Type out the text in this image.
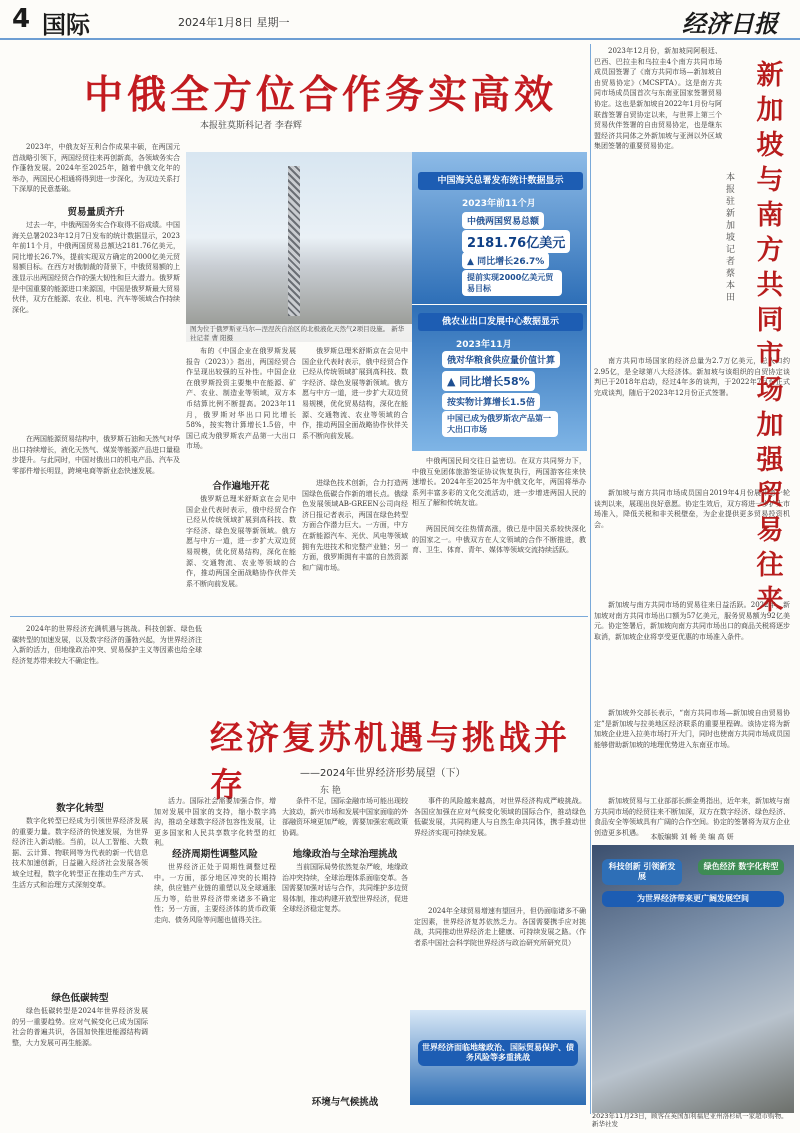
4 国际	2024年1月8日 星期一	经济日报
中俄全方位合作务实高效
本报驻莫斯科记者 李春辉
2023年，中俄友好互利合作成果丰硕，在两国元首战略引领下，两国经贸往来再创新高，各领域务实合作蓬勃发展。2024年至2025年，随着中俄文化年的举办，两国民心相通将得到进一步深化，为双边关系打下深厚的民意基础。
贸易量质齐升
过去一年，中俄两国务实合作取得不俗成绩。中国海关总署2023年12月7日发布的统计数据显示，2023年前11个月，中俄两国贸易总额达2181.76亿美元，同比增长26.7%，提前实现双方确定的2000亿美元贸易额目标。在西方对俄制裁的背景下，中俄贸易额的上涨显示出两国经贸合作的强大韧性和巨大潜力。俄罗斯是中国重要的能源进口来源国，中国是俄罗斯最大贸易伙伴，双方在能源、农业、机电、汽车等领域合作持续深化。
在两国能源贸易结构中，俄罗斯石油和天然气对华出口持续增长，液化天然气、煤炭等能源产品进口量稳步提升。与此同时，中国对俄出口的机电产品、汽车及零部件增长明显，跨境电商等新业态快速发展。
图为位于俄罗斯亚马尔—涅涅茨自治区的北极液化天然气2项目设施。 新华社记者 曹 阳摄
中国海关总署发布统计数据显示
2023年前11个月
中俄两国贸易总额
2181.76亿美元
▲ 同比增长26.7%
提前实现2000亿美元贸易目标
俄农业出口发展中心数据显示
2023年11月
俄对华粮食供应量价值计算
▲ 同比增长58%
按实物计算增长1.5倍
中国已成为俄罗斯农产品第一大出口市场
布的《中国企业在俄罗斯发展报告（2023）》指出，两国经贸合作呈现出较强的互补性。中国企业在俄罗斯投资主要集中在能源、矿产、农业、制造业等领域，双方本币结算比例不断提高。2023年11月，俄罗斯对华出口同比增长58%，按实物计算增长1.5倍，中国已成为俄罗斯农产品第一大出口市场。
合作遍地开花
俄罗斯总理米舒斯京在会见中国企业代表时表示，俄中经贸合作已经从传统领域扩展到高科技、数字经济、绿色发展等新领域。俄方愿与中方一道，进一步扩大双边贸易规模，优化贸易结构，深化在能源、交通物流、农业等领域的合作，推动两国全面战略协作伙伴关系不断向前发展。
俄罗斯总理米舒斯京在会见中国企业代表时表示，俄中经贸合作已经从传统领域扩展到高科技、数字经济、绿色发展等新领域。俄方愿与中方一道，进一步扩大双边贸易规模，优化贸易结构，深化在能源、交通物流、农业等领域的合作，推动两国全面战略协作伙伴关系不断向前发展。
进绿色技术创新，合力打造两国绿色低碳合作新的增长点。俄绿色发展领域AB-GREEN公司向经济日报记者表示，两国在绿色转型方面合作潜力巨大。一方面，中方在新能源汽车、光伏、风电等领域拥有先进技术和完整产业链；另一方面，俄罗斯拥有丰富的自然资源和广阔市场。
中俄两国民间交往日益密切。在双方共同努力下，中俄互免团体旅游签证协议恢复执行，两国游客往来快速增长。2024年至2025年为中俄文化年，两国将举办系列丰富多彩的文化交流活动，进一步增进两国人民的相互了解和传统友谊。
两国民间交往热情高涨，俄已是中国关系较快深化的国家之一。中俄双方在人文领域的合作不断推进，教育、卫生、体育、青年、媒体等领域交流持续活跃。
2023年12月份，新加坡同阿根廷、巴西、巴拉圭和乌拉圭4个南方共同市场成员国签署了《南方共同市场—新加坡自由贸易协定》（MCSFTA）。这是南方共同市场成员国首次与东南亚国家签署贸易协定。这也是新加坡自2022年1月份与阿联酋签署自贸协定以来，与世界上第三个贸易伙伴签署的自由贸易协定，也是继东盟经济共同体之外新加坡与亚洲以外区域集团签署的重要贸易协定。
南方共同市场国家的经济总量为2.7万亿美元，总人口约2.95亿，是全球第八大经济体。新加坡与该组织的自贸协定谈判已于2018年启动，经过4年多的谈判，于2022年7月份正式完成谈判，随后于2023年12月份正式签署。
新加坡与南方共同市场成员国自2019年4月份展开第一轮谈判以来，展现出良好意愿。协定生效后，双方将进一步扩大市场准入，降低关税和非关税壁垒，为企业提供更多贸易投资机会。
新加坡与南方共同市场的贸易往来日益活跃。2022年，新加坡对南方共同市场出口额为57亿美元，服务贸易额为92亿美元。协定签署后，新加坡向南方共同市场出口的商品关税将逐步取消，新加坡企业将享受更优惠的市场准入条件。
新加坡外交部长表示，“南方共同市场—新加坡自由贸易协定”是新加坡与拉美地区经济联系的重要里程碑。该协定将为新加坡企业进入拉美市场打开大门，同时也使南方共同市场成员国能够借助新加坡的地理优势进入东南亚市场。
新加坡贸易与工业部部长颜金勇指出，近年来，新加坡与南方共同市场的经贸往来不断加深，双方在数字经济、绿色经济、食品安全等领域具有广阔的合作空间。协定的签署将为双方企业创造更多机遇。
新加坡与南方共同市场加强贸易往来
本报驻新加坡记者 蔡本田
本版编辑 刘 畅 美 编 高 妍
科技创新 引领新发展
绿色经济 数字化转型
为世界经济带来更广阔发展空间
2023年11月23日，顾客在英国加利福尼亚州洛杉矶一家超市购物。 新华社发
2024年的世界经济充满机遇与挑战。科技创新、绿色低碳转型的加速发展，以及数字经济的蓬勃兴起，为世界经济注入新的活力，但地缘政治冲突、贸易保护主义等因素也给全球经济复苏带来较大不确定性。
经济复苏机遇与挑战并存	——2024年世界经济形势展望（下）
东 艳
数字化转型
数字化转型已经成为引领世界经济发展的重要力量。数字经济的快速发展，为世界经济注入新动能。当前，以人工智能、大数据、云计算、物联网等为代表的新一代信息技术加速创新，日益融入经济社会发展各领域全过程，数字化转型正在推动生产方式、生活方式和治理方式深刻变革。
绿色低碳转型
绿色低碳转型是2024年世界经济发展的另一重要趋势。应对气候变化已成为国际社会的普遍共识，各国加快推进能源结构调整，大力发展可再生能源。
活力。国际社会需要加强合作，增加对发展中国家的支持，缩小数字鸿沟，推动全球数字经济包容性发展，让更多国家和人民共享数字化转型的红利。
经济周期性调整风险
世界经济正处于周期性调整过程中。一方面，部分地区冲突的长期持续，供应链产业链的重塑以及全球通胀压力等，给世界经济带来诸多不确定性；另一方面，主要经济体的货币政策走向、债务风险等问题也值得关注。
条件不足，国际金融市场可能出现较大波动，新兴市场和发展中国家面临的外部融资环境更加严峻，需要加强宏观政策协调。
地缘政治与全球治理挑战
当前国际局势依然复杂严峻，地缘政治冲突持续，全球治理体系面临变革。各国需要加强对话与合作，共同维护多边贸易体制，推动构建开放型世界经济，促进全球经济稳定复苏。
环境与气候挑战
事件的风险越来越高，对世界经济构成严峻挑战。各国应加强在应对气候变化领域的国际合作，推动绿色低碳发展，共同构建人与自然生命共同体，携手推动世界经济实现可持续发展。
2024年全球贸易增速有望回升，但仍面临诸多不确定因素，世界经济复苏依然乏力。各国需要携手应对挑战，共同推动世界经济走上健康、可持续发展之路。（作者系中国社会科学院世界经济与政治研究所研究员）
世界经济面临地缘政治、国际贸易保护、债务风险等多重挑战
